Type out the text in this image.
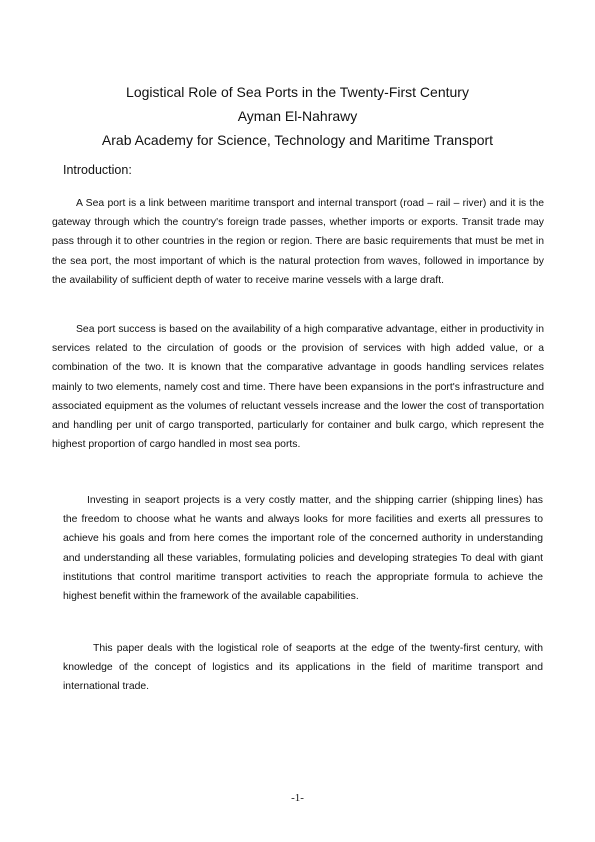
Logistical Role of Sea Ports in the Twenty-First Century
Ayman El-Nahrawy
Arab Academy for Science, Technology and Maritime Transport
Introduction:

A Sea port is a link between maritime transport and internal transport (road – rail – river) and it is the gateway through which the country's foreign trade passes, whether imports or exports. Transit trade may pass through it to other countries in the region or region. There are basic requirements that must be met in the sea port, the most important of which is the natural protection from waves, followed in importance by the availability of sufficient depth of water to receive marine vessels with a large draft.

Sea port success is based on the availability of a high comparative advantage, either in productivity in services related to the circulation of goods or the provision of services with high added value, or a combination of the two. It is known that the comparative advantage in goods handling services relates mainly to two elements, namely cost and time. There have been expansions in the port's infrastructure and associated equipment as the volumes of reluctant vessels increase and the lower the cost of transportation and handling per unit of cargo transported, particularly for container and bulk cargo, which represent the highest proportion of cargo handled in most sea ports.

Investing in seaport projects is a very costly matter, and the shipping carrier (shipping lines) has the freedom to choose what he wants and always looks for more facilities and exerts all pressures to achieve his goals and from here comes the important role of the concerned authority in understanding and understanding all these variables, formulating policies and developing strategies To deal with giant institutions that control maritime transport activities to reach the appropriate formula to achieve the highest benefit within the framework of the available capabilities.

This paper deals with the logistical role of seaports at the edge of the twenty-first century, with knowledge of the concept of logistics and its applications in the field of maritime transport and international trade.

-1-
